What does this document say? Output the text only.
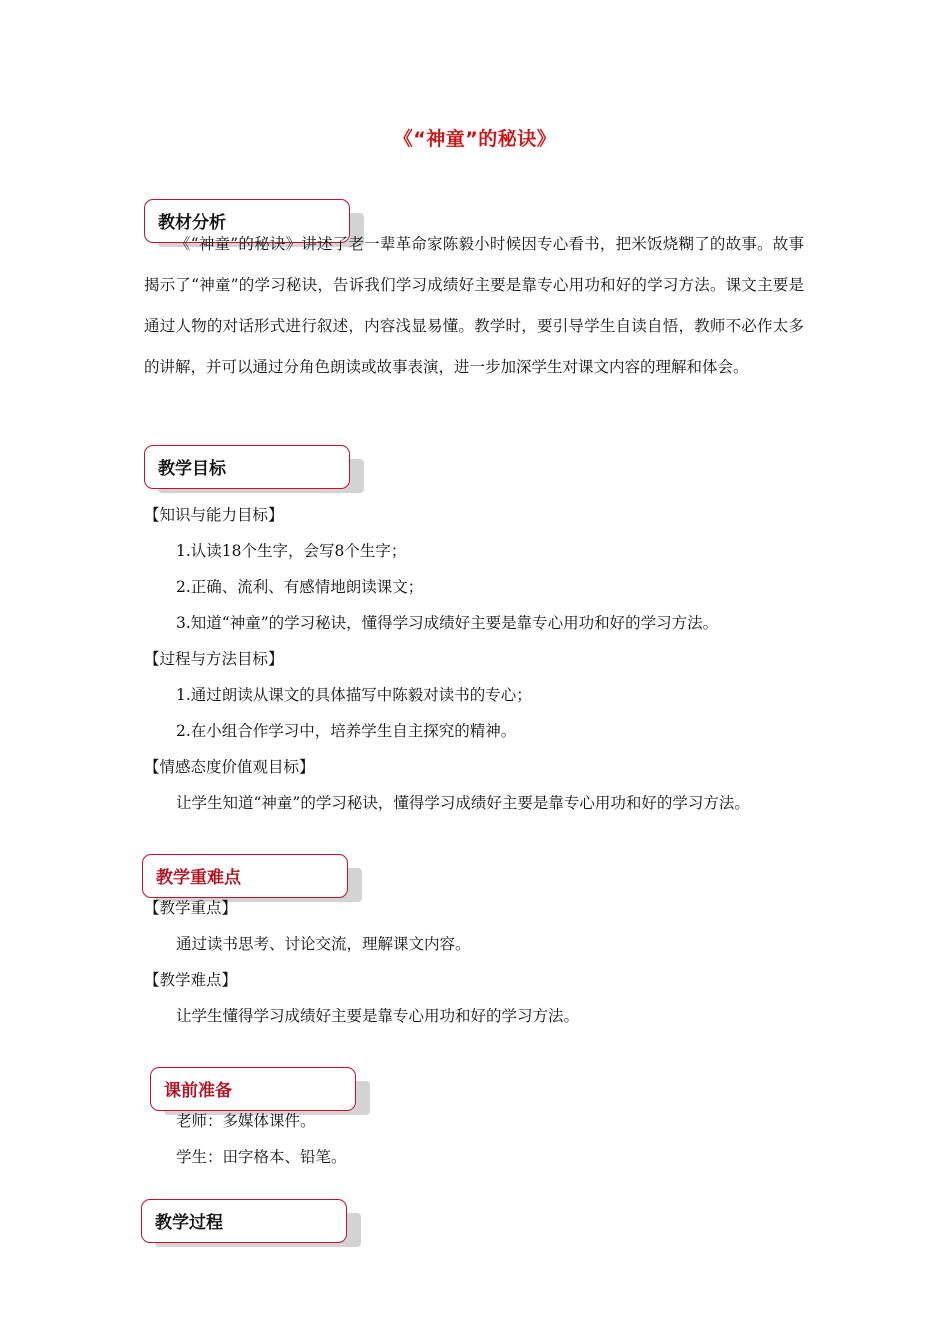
《“神童”的秘诀》
教材分析
《“神童”的秘诀》讲述了老一辈革命家陈毅小时候因专心看书，把米饭烧糊了的故事。故事揭示了“神童”的学习秘诀，告诉我们学习成绩好主要是靠专心用功和好的学习方法。课文主要是通过人物的对话形式进行叙述，内容浅显易懂。教学时，要引导学生自读自悟，教师不必作太多的讲解，并可以通过分角色朗读或故事表演，进一步加深学生对课文内容的理解和体会。
教学目标
【知识与能力目标】
1.认读18个生字，会写8个生字；
2.正确、流利、有感情地朗读课文；
3.知道“神童”的学习秘诀，懂得学习成绩好主要是靠专心用功和好的学习方法。
【过程与方法目标】
1.通过朗读从课文的具体描写中陈毅对读书的专心；
2.在小组合作学习中，培养学生自主探究的精神。
【情感态度价值观目标】
让学生知道“神童”的学习秘诀，懂得学习成绩好主要是靠专心用功和好的学习方法。
教学重难点
【教学重点】
通过读书思考、讨论交流，理解课文内容。
【教学难点】
让学生懂得学习成绩好主要是靠专心用功和好的学习方法。
课前准备
老师：多媒体课件。
学生：田字格本、铅笔。
教学过程
